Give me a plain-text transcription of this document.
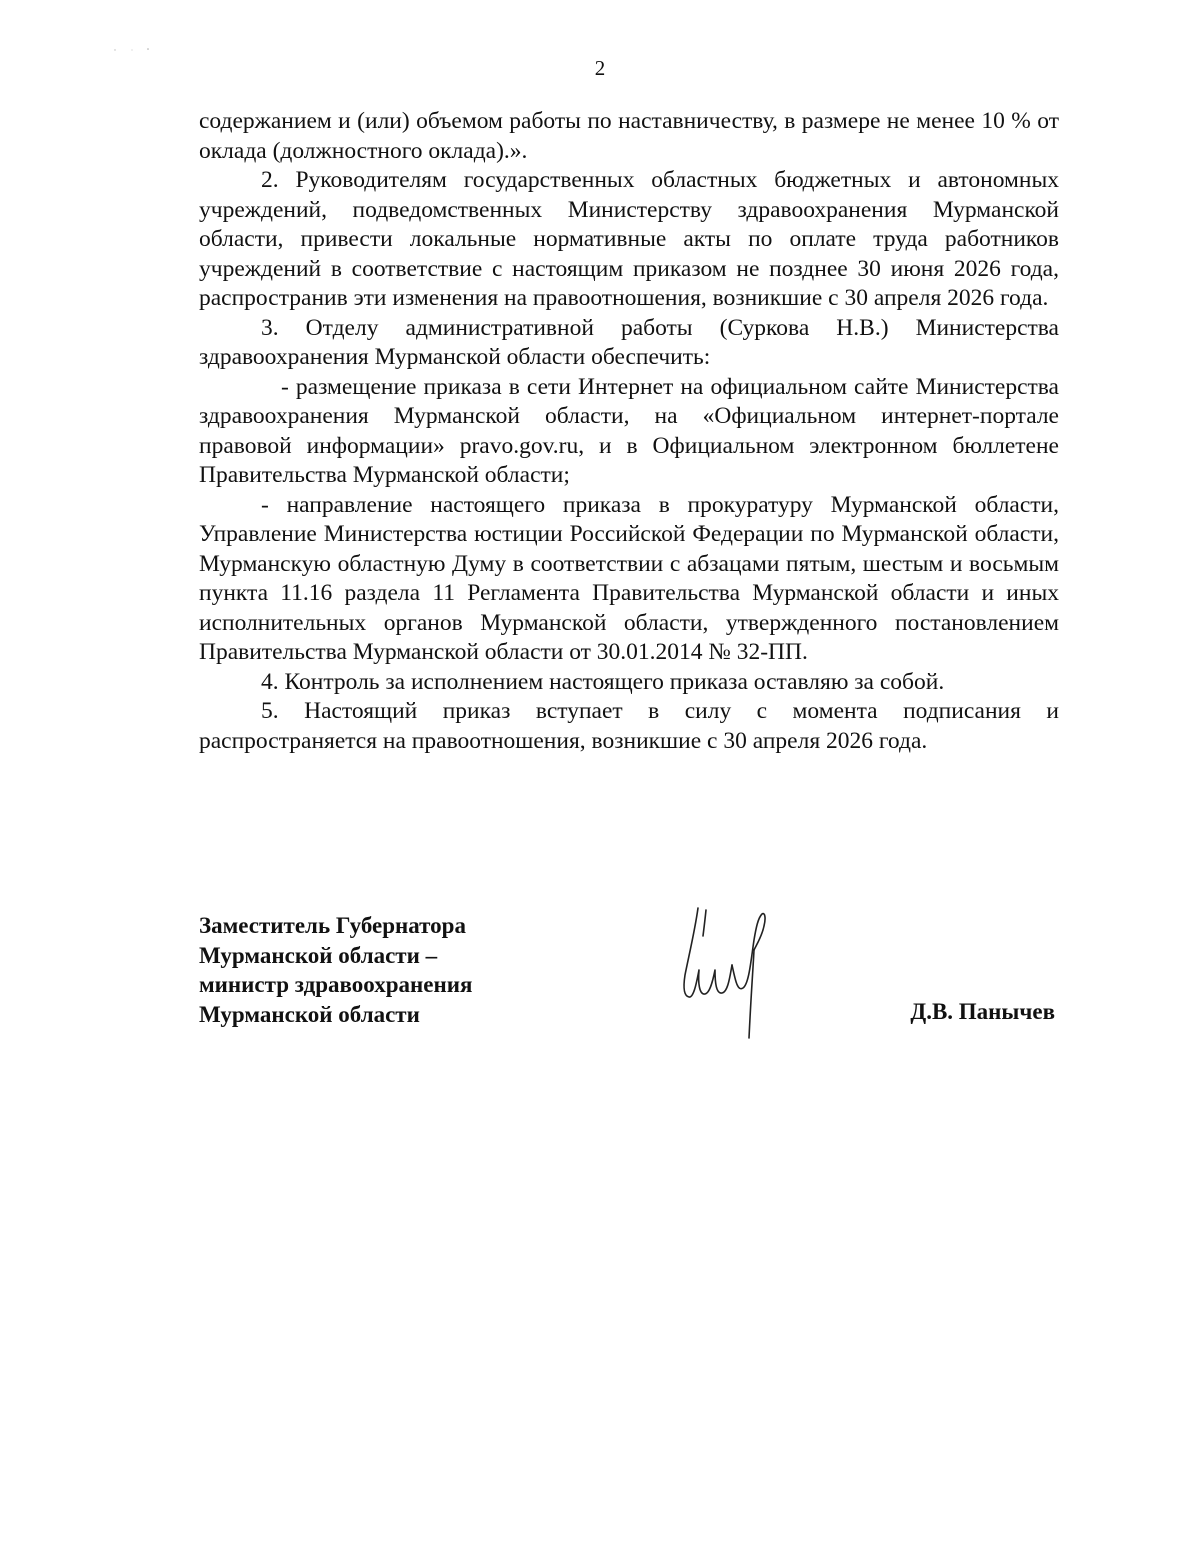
2

содержанием и (или) объемом работы по наставничеству, в размере не менее 10 % от оклада (должностного оклада).».

2. Руководителям государственных областных бюджетных и автономных учреждений, подведомственных Министерству здравоохранения Мурманской области, привести локальные нормативные акты по оплате труда работников учреждений в соответствие с настоящим приказом не позднее 30 июня 2026 года, распространив эти изменения на правоотношения, возникшие с 30 апреля 2026 года.

3. Отделу административной работы (Суркова Н.В.) Министерства здравоохранения Мурманской области обеспечить:

- размещение приказа в сети Интернет на официальном сайте Министерства здравоохранения Мурманской области, на «Официальном интернет-портале правовой информации» pravo.gov.ru, и в Официальном электронном бюллетене Правительства Мурманской области;

- направление настоящего приказа в прокуратуру Мурманской области, Управление Министерства юстиции Российской Федерации по Мурманской области, Мурманскую областную Думу в соответствии с абзацами пятым, шестым и восьмым пункта 11.16 раздела 11 Регламента Правительства Мурманской области и иных исполнительных органов Мурманской области, утвержденного постановлением Правительства Мурманской области от 30.01.2014 № 32-ПП.

4. Контроль за исполнением настоящего приказа оставляю за собой.

5. Настоящий приказ вступает в силу с момента подписания и распространяется на правоотношения, возникшие с 30 апреля 2026 года.

Заместитель Губернатора
Мурманской области –
министр здравоохранения
Мурманской области	Д.В. Панычев
